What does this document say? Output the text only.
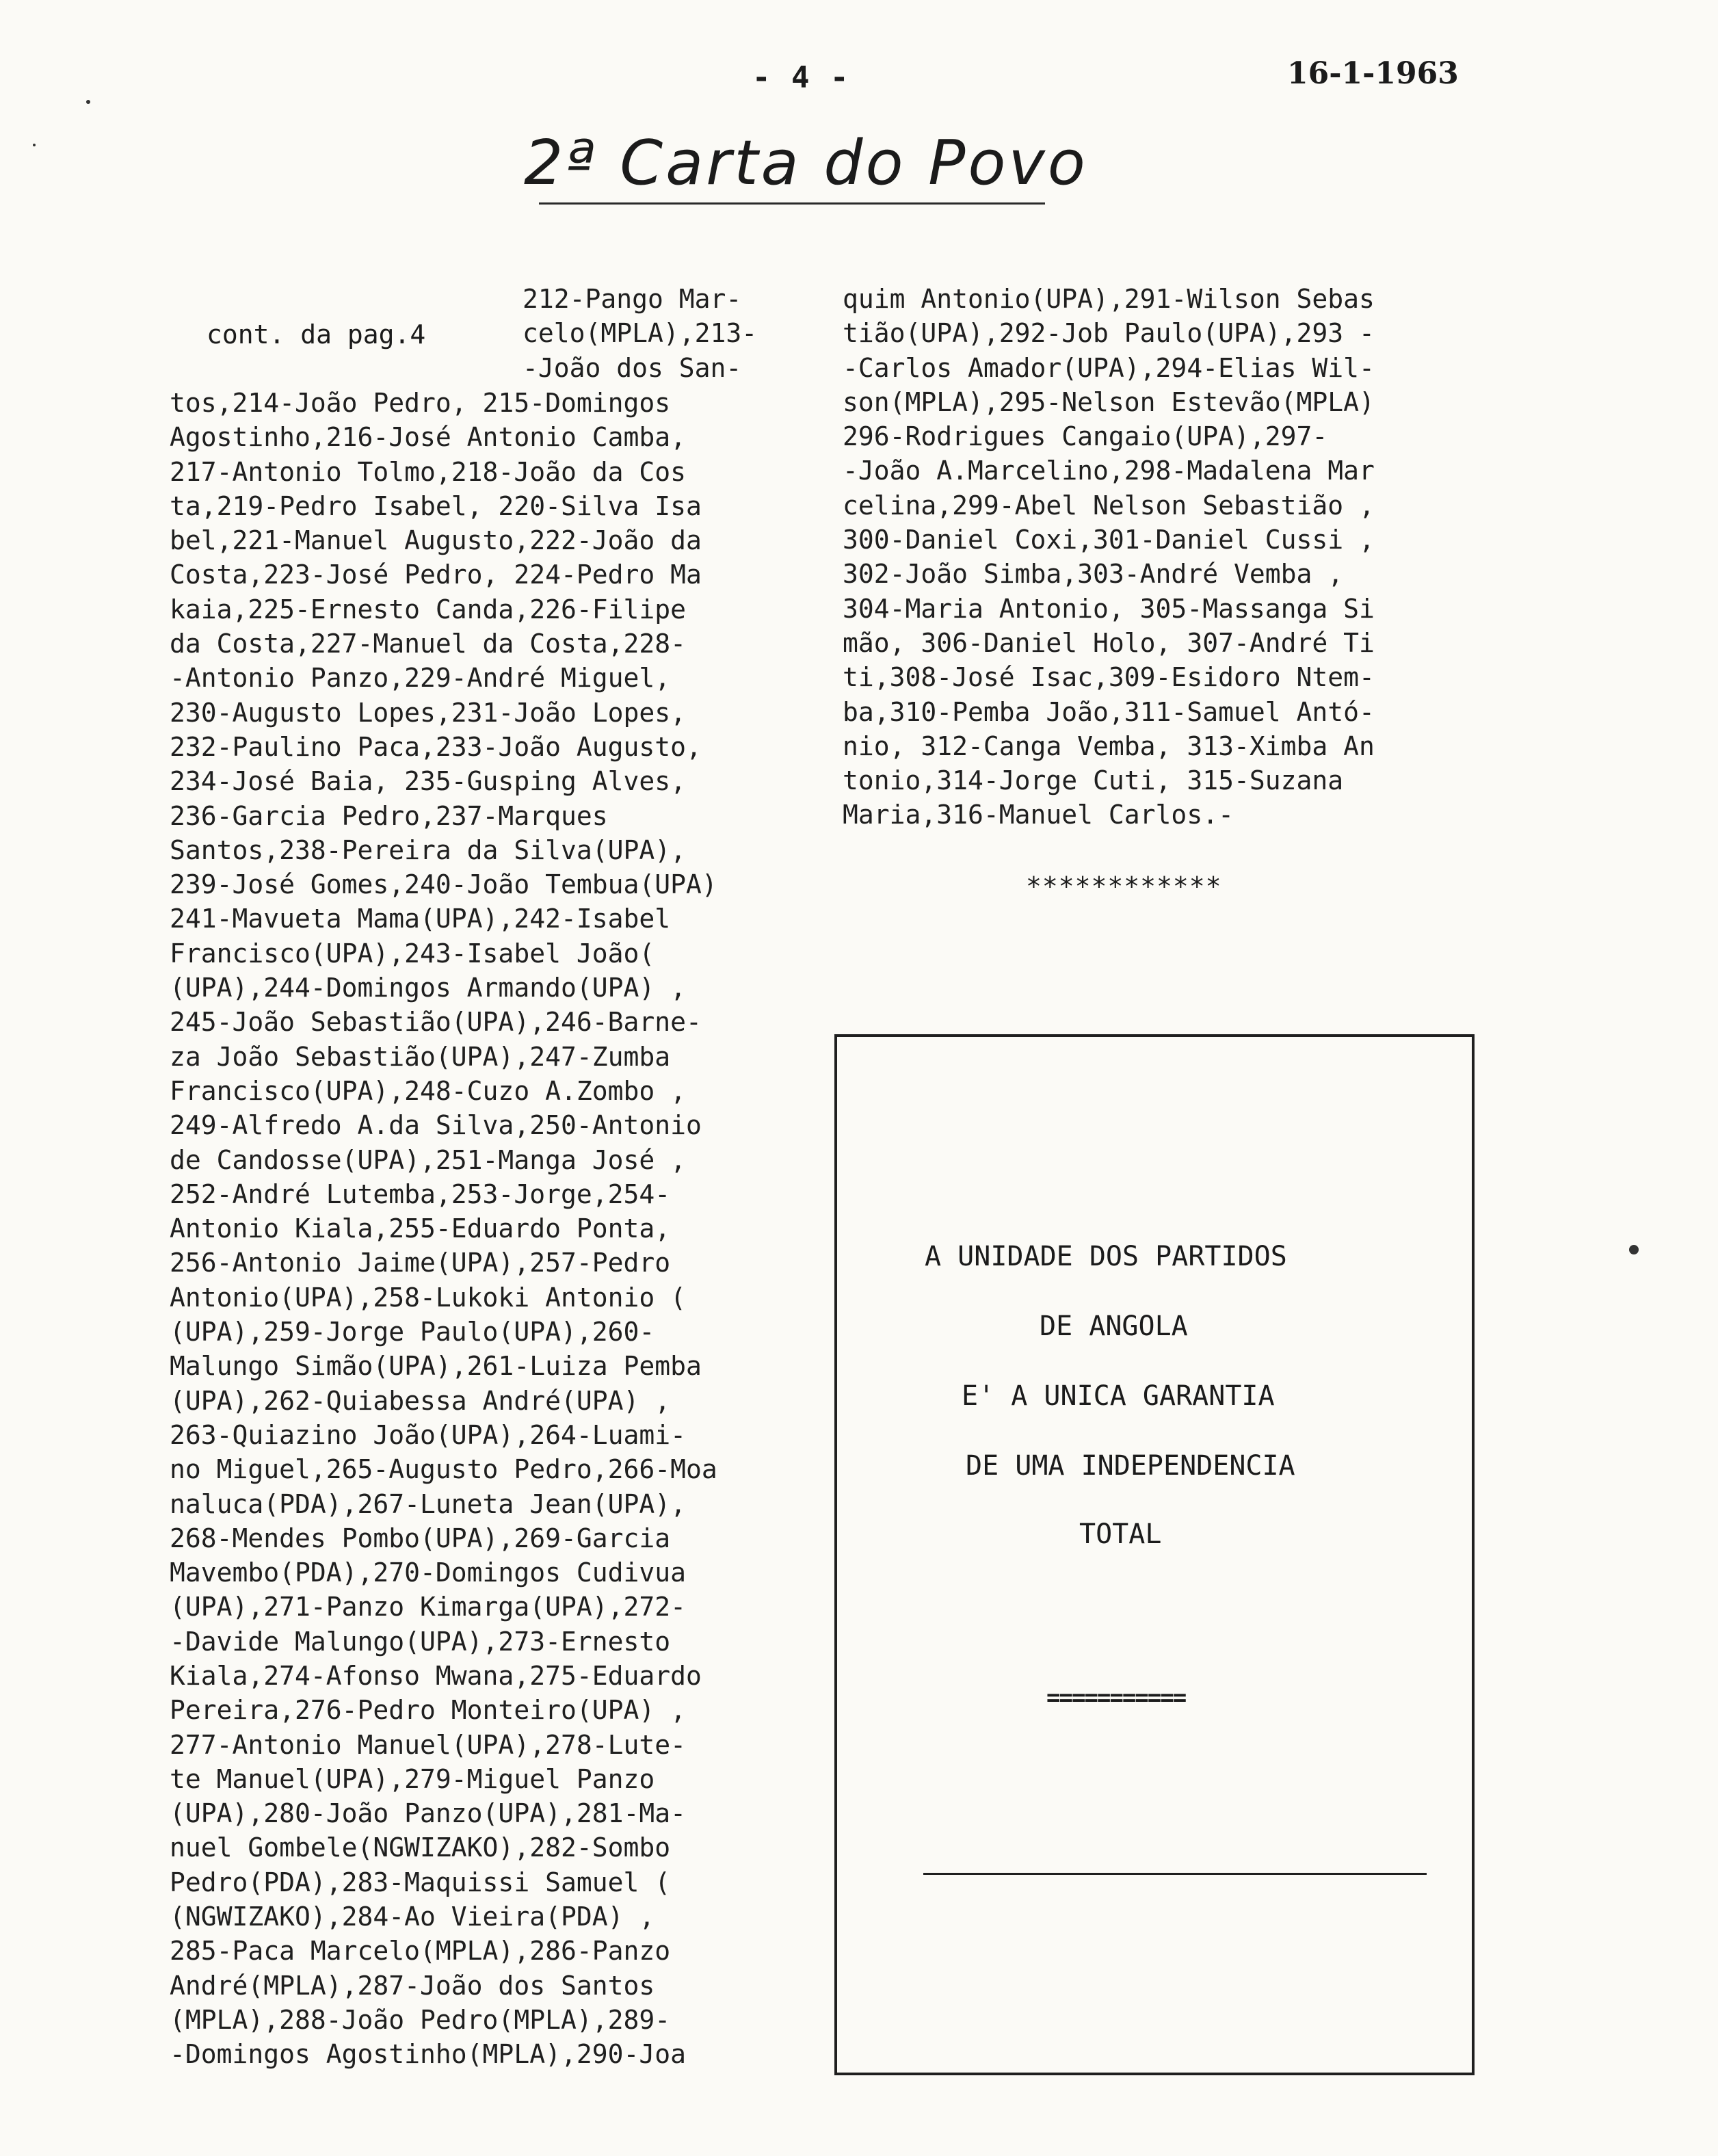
- 4 -	16-1-1963
2ª Carta do Povo
cont. da pag.4
212-Pango Mar-
celo(MPLA),213-
-João dos San-
tos,214-João Pedro, 215-Domingos
Agostinho,216-José Antonio Camba,
217-Antonio Tolmo,218-João da Cos
ta,219-Pedro Isabel, 220-Silva Isa
bel,221-Manuel Augusto,222-João da
Costa,223-José Pedro, 224-Pedro Ma
kaia,225-Ernesto Canda,226-Filipe
da Costa,227-Manuel da Costa,228-
-Antonio Panzo,229-André Miguel,
230-Augusto Lopes,231-João Lopes,
232-Paulino Paca,233-João Augusto,
234-José Baia, 235-Gusping Alves,
236-Garcia Pedro,237-Marques
Santos,238-Pereira da Silva(UPA),
239-José Gomes,240-João Tembua(UPA)
241-Mavueta Mama(UPA),242-Isabel
Francisco(UPA),243-Isabel João(
(UPA),244-Domingos Armando(UPA) ,
245-João Sebastião(UPA),246-Barne-
za João Sebastião(UPA),247-Zumba
Francisco(UPA),248-Cuzo A.Zombo ,
249-Alfredo A.da Silva,250-Antonio
de Candosse(UPA),251-Manga José ,
252-André Lutemba,253-Jorge,254-
Antonio Kiala,255-Eduardo Ponta,
256-Antonio Jaime(UPA),257-Pedro
Antonio(UPA),258-Lukoki Antonio (
(UPA),259-Jorge Paulo(UPA),260-
Malungo Simão(UPA),261-Luiza Pemba
(UPA),262-Quiabessa André(UPA) ,
263-Quiazino João(UPA),264-Luami-
no Miguel,265-Augusto Pedro,266-Moa
naluca(PDA),267-Luneta Jean(UPA),
268-Mendes Pombo(UPA),269-Garcia
Mavembo(PDA),270-Domingos Cudivua
(UPA),271-Panzo Kimarga(UPA),272-
-Davide Malungo(UPA),273-Ernesto
Kiala,274-Afonso Mwana,275-Eduardo
Pereira,276-Pedro Monteiro(UPA) ,
277-Antonio Manuel(UPA),278-Lute-
te Manuel(UPA),279-Miguel Panzo
(UPA),280-João Panzo(UPA),281-Ma-
nuel Gombele(NGWIZAKO),282-Sombo
Pedro(PDA),283-Maquissi Samuel (
(NGWIZAKO),284-Ao Vieira(PDA) ,
285-Paca Marcelo(MPLA),286-Panzo
André(MPLA),287-João dos Santos
(MPLA),288-João Pedro(MPLA),289-
-Domingos Agostinho(MPLA),290-Joa
quim Antonio(UPA),291-Wilson Sebas
tião(UPA),292-Job Paulo(UPA),293 -
-Carlos Amador(UPA),294-Elias Wil-
son(MPLA),295-Nelson Estevão(MPLA)
296-Rodrigues Cangaio(UPA),297-
-João A.Marcelino,298-Madalena Mar
celina,299-Abel Nelson Sebastião ,
300-Daniel Coxi,301-Daniel Cussi ,
302-João Simba,303-André Vemba ,
304-Maria Antonio, 305-Massanga Si
mão, 306-Daniel Holo, 307-André Ti
ti,308-José Isac,309-Esidoro Ntem-
ba,310-Pemba João,311-Samuel Antó-
nio, 312-Canga Vemba, 313-Ximba An
tonio,314-Jorge Cuti, 315-Suzana
Maria,316-Manuel Carlos.-
************
A UNIDADE DOS PARTIDOS
DE ANGOLA
E' A UNICA GARANTIA
DE UMA INDEPENDENCIA
TOTAL
===========
